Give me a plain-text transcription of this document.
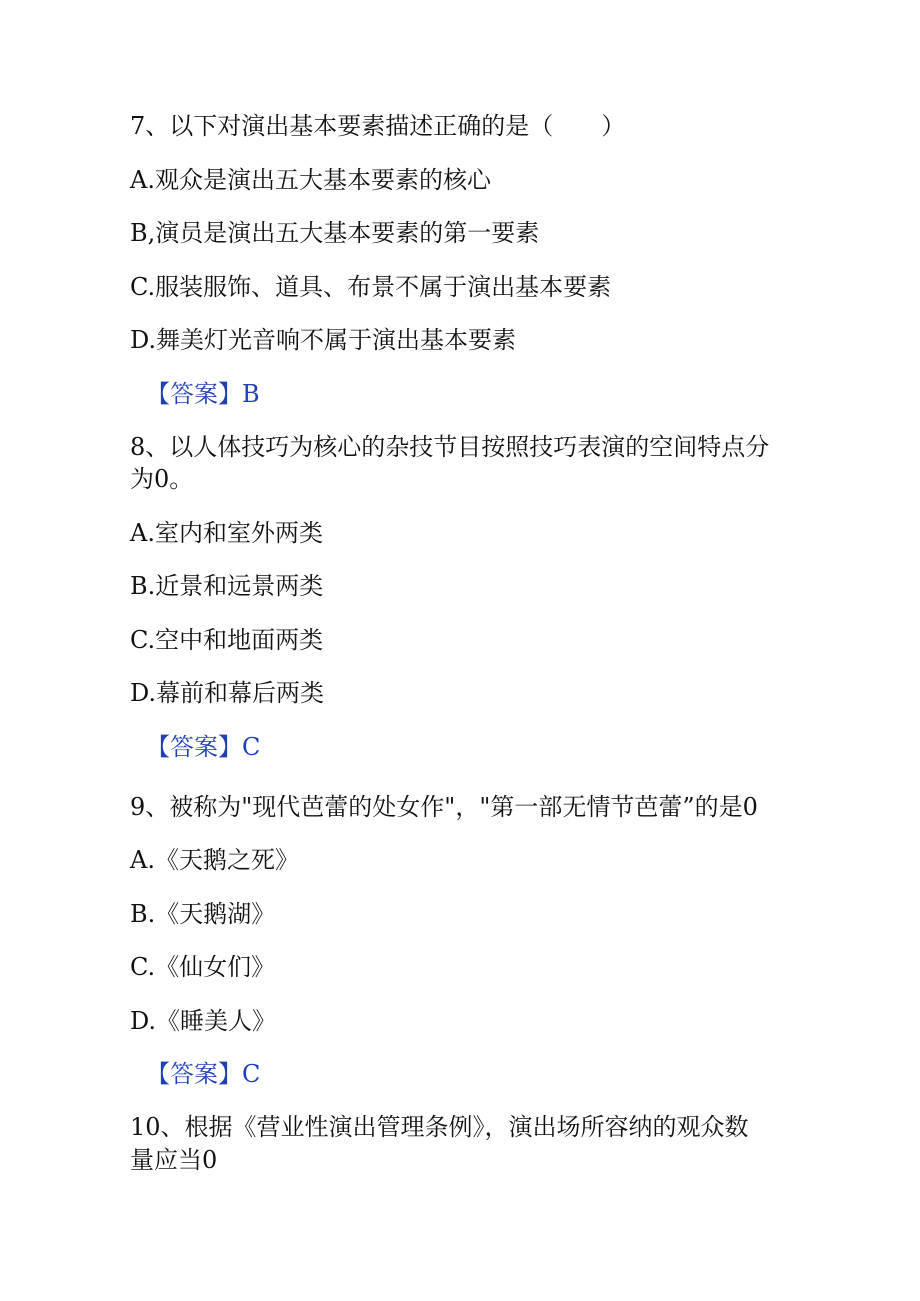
7、以下对演出基本要素描述正确的是（　　）
A.观众是演出五大基本要素的核心
B,演员是演出五大基本要素的第一要素
C.服装服饰、道具、布景不属于演出基本要素
D.舞美灯光音响不属于演出基本要素
【答案】B
8、以人体技巧为核心的杂技节目按照技巧表演的空间特点分
为0。
A.室内和室外两类
B.近景和远景两类
C.空中和地面两类
D.幕前和幕后两类
【答案】C
9、被称为"现代芭蕾的处女作"，"第一部无情节芭蕾”的是0
A.《天鹅之死》
B.《天鹅湖》
C.《仙女们》
D.《睡美人》
【答案】C
10、根据《营业性演出管理条例》，演出场所容纳的观众数
量应当0
